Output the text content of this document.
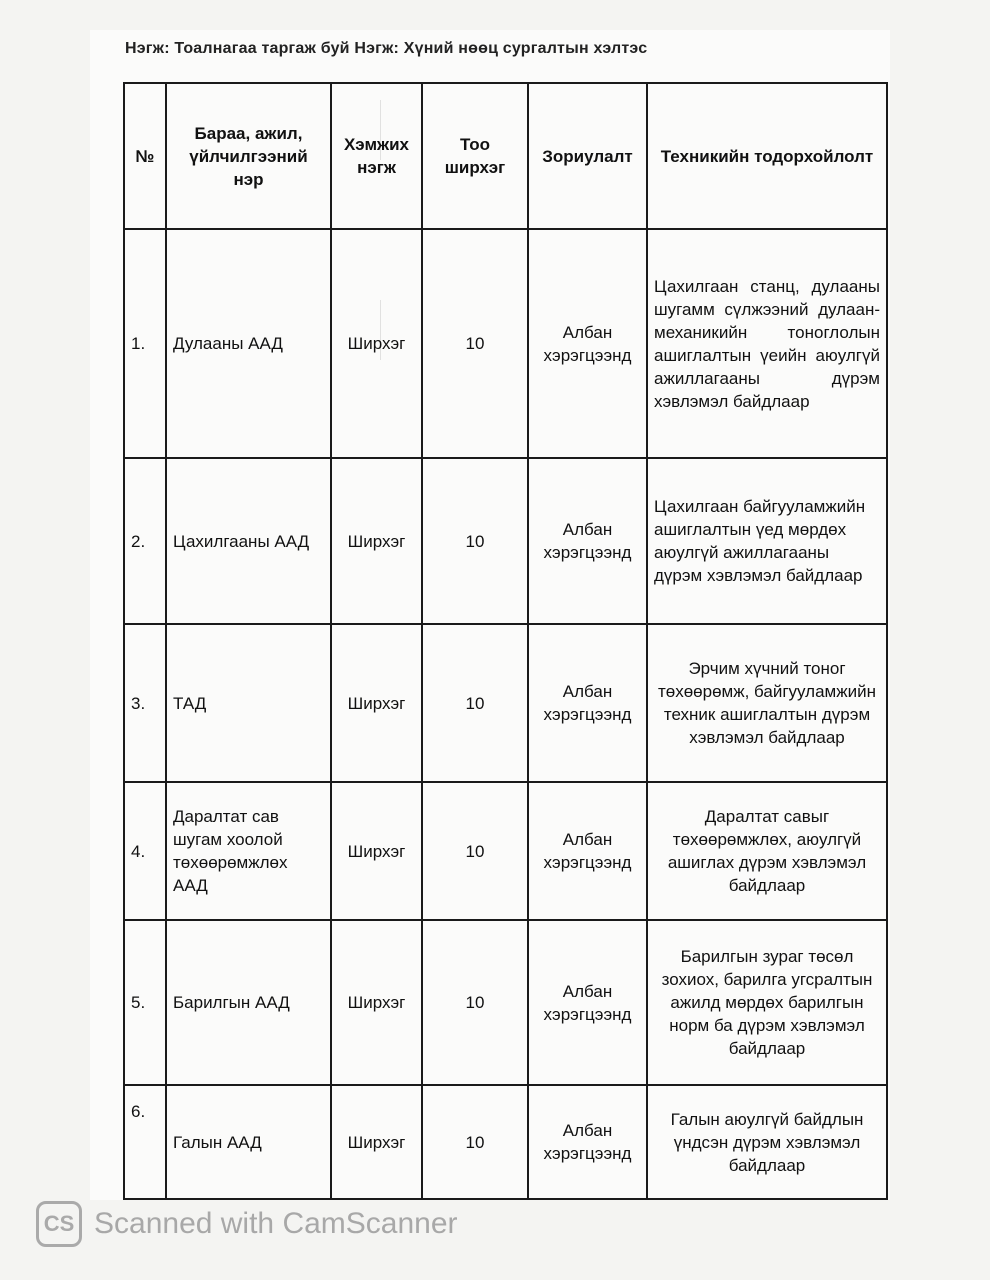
Нэгж: Тоалнагаа таргаж буй Нэгж: Хүний нөөц сургалтын хэлтэс
№	Бараа, ажил, үйлчилгээний нэр	Хэмжих нэгж	Тоо ширхэг	Зориулалт	Техникийн тодорхойлолт
1.	Дулааны ААД	Ширхэг	10	Албан хэрэгцээнд	Цахилгаан станц, дулааны шугамм сүлжээний дулаан-механикийн тоноглолын ашиглалтын үеийн аюулгүй ажиллагааны дүрэм хэвлэмэл байдлаар
2.	Цахилгааны ААД	Ширхэг	10	Албан хэрэгцээнд	Цахилгаан байгууламжийн ашиглалтын үед мөрдөх аюулгүй ажиллагааны дүрэм хэвлэмэл байдлаар
3.	ТАД	Ширхэг	10	Албан хэрэгцээнд	Эрчим хүчний тоног төхөөрөмж, байгууламжийн техник ашиглалтын дүрэм хэвлэмэл байдлаар
4.	Даралтат сав шугам хоолой төхөөрөмжлөх ААД	Ширхэг	10	Албан хэрэгцээнд	Даралтат савыг төхөөрөмжлөх, аюулгүй ашиглах дүрэм хэвлэмэл байдлаар
5.	Барилгын ААД	Ширхэг	10	Албан хэрэгцээнд	Барилгын зураг төсөл зохиох, барилга угсралтын ажилд мөрдөх барилгын норм ба дүрэм хэвлэмэл байдлаар
6.	Галын ААД	Ширхэг	10	Албан хэрэгцээнд	Галын аюулгүй байдлын үндсэн дүрэм хэвлэмэл байдлаар
CS Scanned with CamScanner
